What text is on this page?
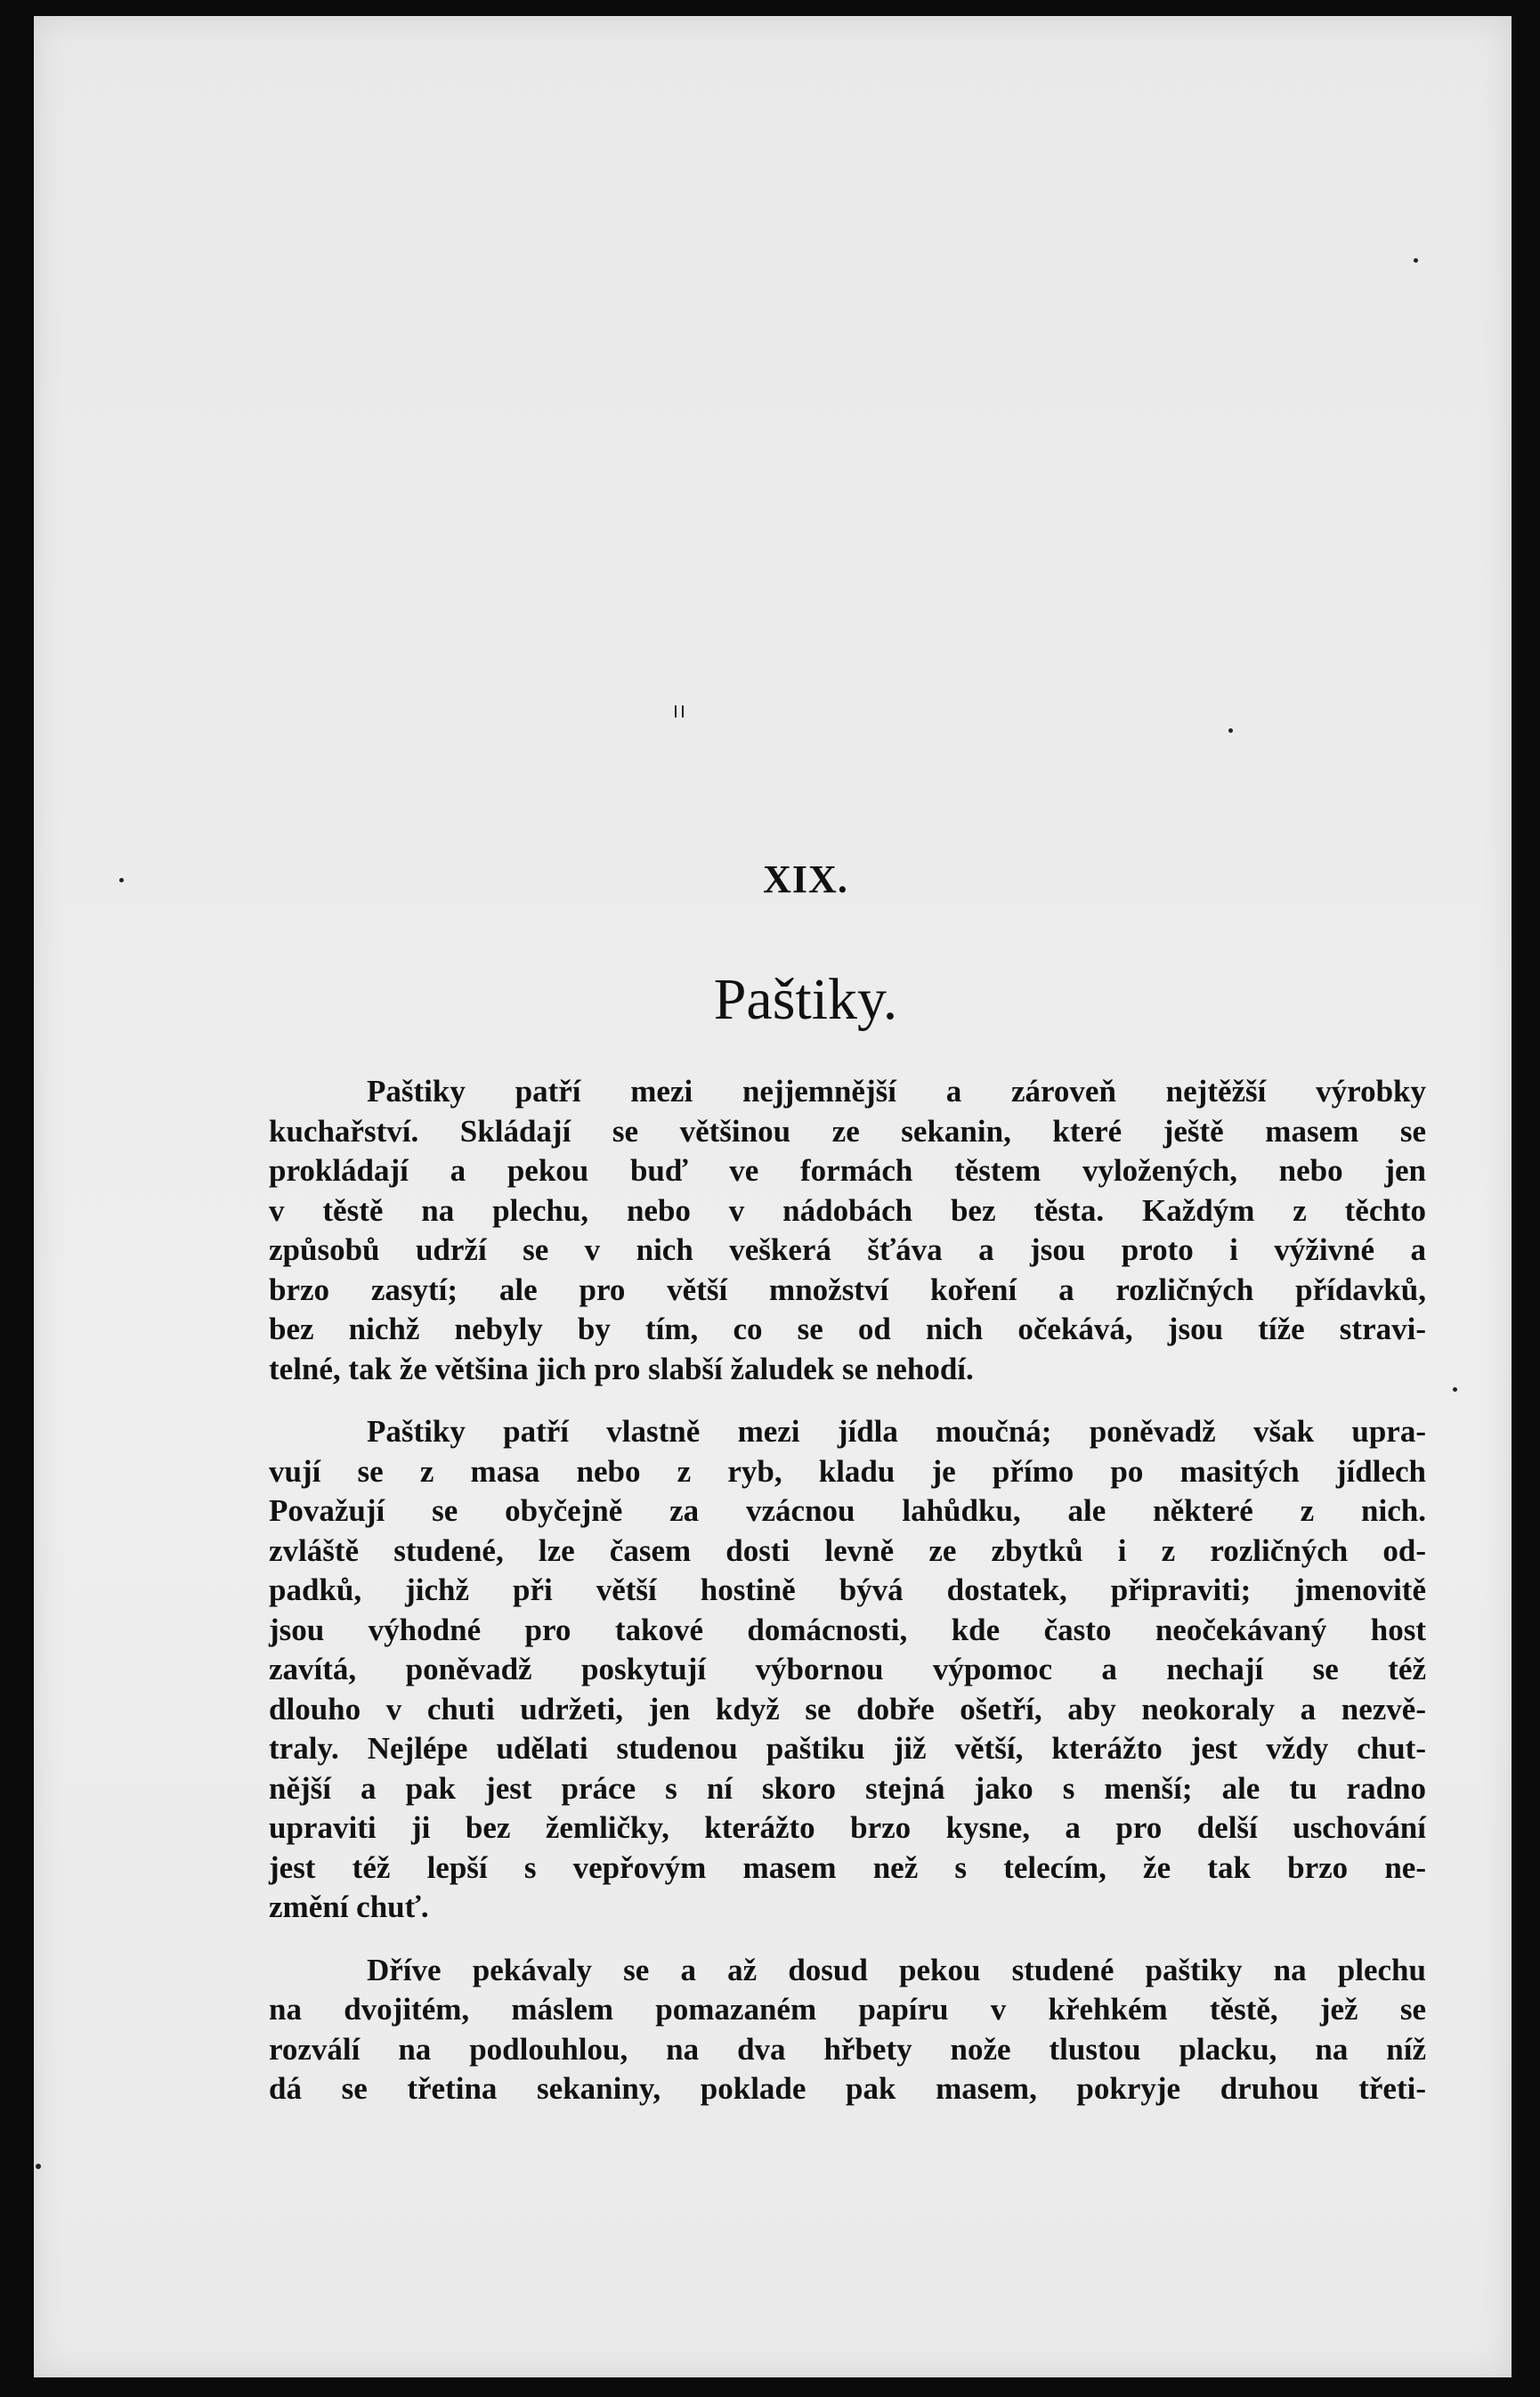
XIX.
Paštiky.
Paštiky patří mezi nejjemnější a zároveň nejtěžší výrobky
kuchařství. Skládají se většinou ze sekanin, které ještě masem se
prokládají a pekou buď ve formách těstem vyložených, nebo jen
v těstě na plechu, nebo v nádobách bez těsta. Každým z těchto
způsobů udrží se v nich veškerá šťáva a jsou proto i výživné a
brzo zasytí; ale pro větší množství koření a rozličných přídavků,
bez nichž nebyly by tím, co se od nich očekává, jsou tíže stravi-
telné, tak že většina jich pro slabší žaludek se nehodí.
Paštiky patří vlastně mezi jídla moučná; poněvadž však upra-
vují se z masa nebo z ryb, kladu je přímo po masitých jídlech
Považují se obyčejně za vzácnou lahůdku, ale některé z nich.
zvláště studené, lze časem dosti levně ze zbytků i z rozličných od-
padků, jichž při větší hostině bývá dostatek, připraviti; jmenovitě
jsou výhodné pro takové domácnosti, kde často neočekávaný host
zavítá, poněvadž poskytují výbornou výpomoc a nechají se též
dlouho v chuti udržeti, jen když se dobře ošetří, aby neokoraly a nezvě-
traly. Nejlépe udělati studenou paštiku již větší, kterážto jest vždy chut-
nější a pak jest práce s ní skoro stejná jako s menší; ale tu radno
upraviti ji bez žemličky, kterážto brzo kysne, a pro delší uschování
jest též lepší s vepřovým masem než s telecím, že tak brzo ne-
změní chuť.
Dříve pekávaly se a až dosud pekou studené paštiky na plechu
na dvojitém, máslem pomazaném papíru v křehkém těstě, jež se
rozválí na podlouhlou, na dva hřbety nože tlustou placku, na níž
dá se třetina sekaniny, poklade pak masem, pokryje druhou třeti-
